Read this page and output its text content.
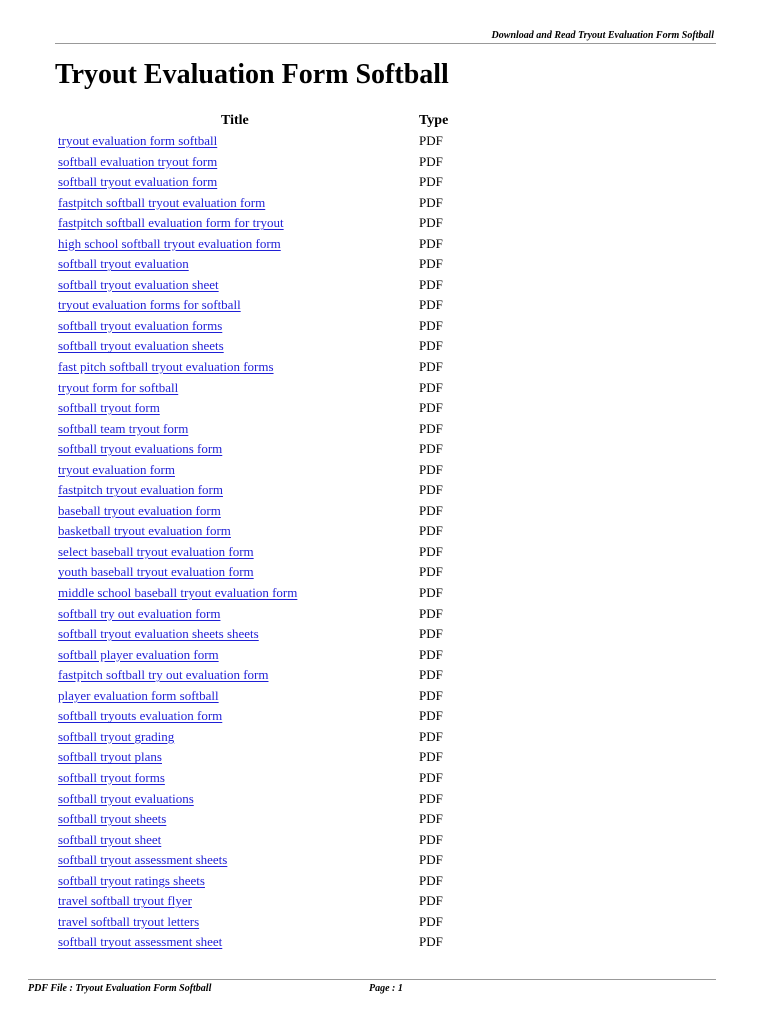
Download and Read Tryout Evaluation Form Softball
Tryout Evaluation Form Softball
Title	Type
tryout evaluation form softball	PDF
softball evaluation tryout form	PDF
softball tryout evaluation form	PDF
fastpitch softball tryout evaluation form	PDF
fastpitch softball evaluation form for tryout	PDF
high school softball tryout evaluation form	PDF
softball tryout evaluation	PDF
softball tryout evaluation sheet	PDF
tryout evaluation forms for softball	PDF
softball tryout evaluation forms	PDF
softball tryout evaluation sheets	PDF
fast pitch softball tryout evaluation forms	PDF
tryout form for softball	PDF
softball tryout form	PDF
softball team tryout form	PDF
softball tryout evaluations form	PDF
tryout evaluation form	PDF
fastpitch tryout evaluation form	PDF
baseball tryout evaluation form	PDF
basketball tryout evaluation form	PDF
select baseball tryout evaluation form	PDF
youth baseball tryout evaluation form	PDF
middle school baseball tryout evaluation form	PDF
softball try out evaluation form	PDF
softball tryout evaluation sheets sheets	PDF
softball player evaluation form	PDF
fastpitch softball try out evaluation form	PDF
player evaluation form softball	PDF
softball tryouts evaluation form	PDF
softball tryout grading	PDF
softball tryout plans	PDF
softball tryout forms	PDF
softball tryout evaluations	PDF
softball tryout sheets	PDF
softball tryout sheet	PDF
softball tryout assessment sheets	PDF
softball tryout ratings sheets	PDF
travel softball tryout flyer	PDF
travel softball tryout letters	PDF
softball tryout assessment sheet	PDF
PDF File : Tryout Evaluation Form Softball	Page : 1
